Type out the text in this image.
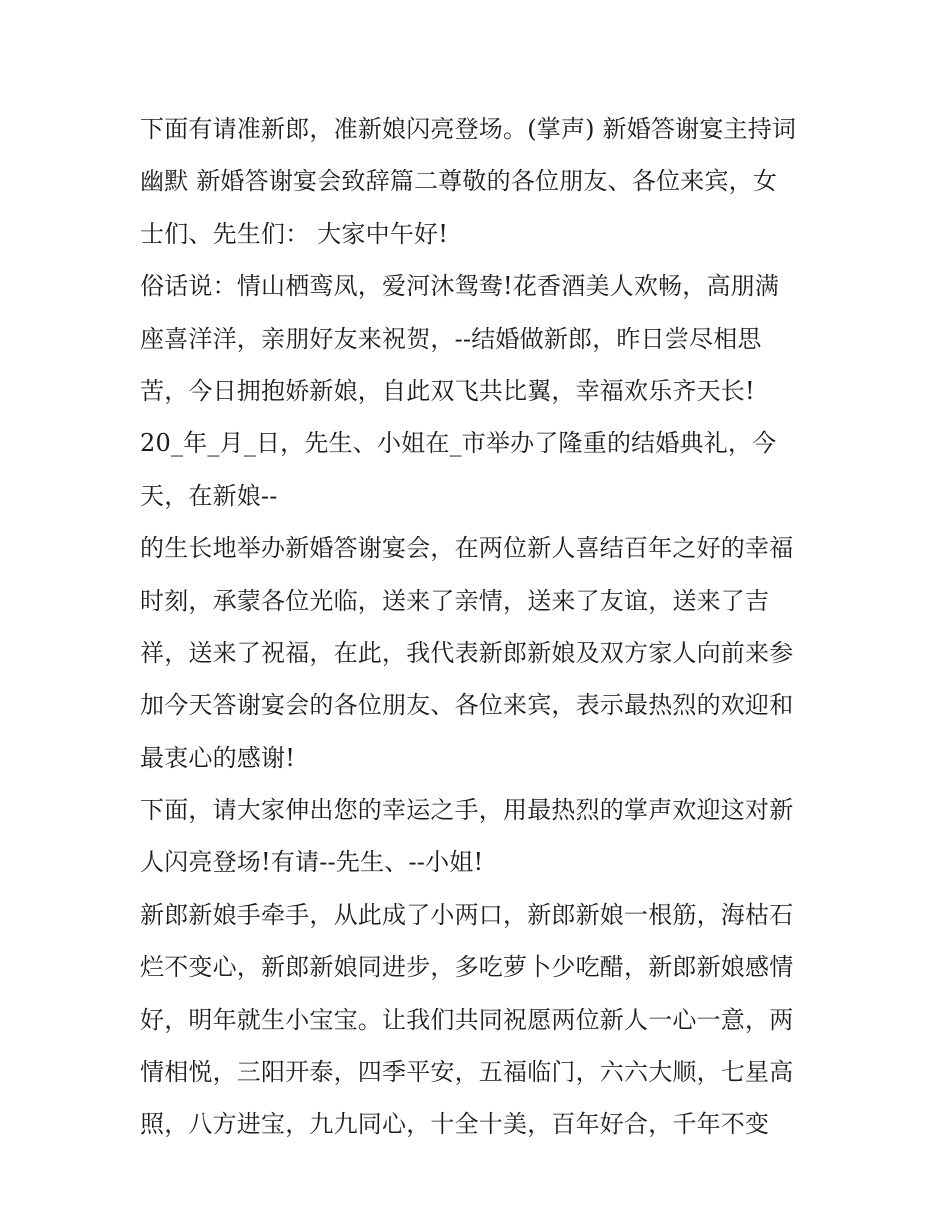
下面有请准新郎，准新娘闪亮登场。(掌声) 新婚答谢宴主持词
幽默 新婚答谢宴会致辞篇二尊敬的各位朋友、各位来宾，女
士们、先生们： 大家中午好!
俗话说：情山栖鸾凤，爱河沐鸳鸯!花香酒美人欢畅，高朋满
座喜洋洋，亲朋好友来祝贺，--结婚做新郎，昨日尝尽相思
苦，今日拥抱娇新娘，自此双飞共比翼，幸福欢乐齐天长!
20_年_月_日，先生、小姐在_市举办了隆重的结婚典礼，今
天，在新娘--
的生长地举办新婚答谢宴会，在两位新人喜结百年之好的幸福
时刻，承蒙各位光临，送来了亲情，送来了友谊，送来了吉
祥，送来了祝福，在此，我代表新郎新娘及双方家人向前来参
加今天答谢宴会的各位朋友、各位来宾，表示最热烈的欢迎和
最衷心的感谢!
下面，请大家伸出您的幸运之手，用最热烈的掌声欢迎这对新
人闪亮登场!有请--先生、--小姐!
新郎新娘手牵手，从此成了小两口，新郎新娘一根筋，海枯石
烂不变心，新郎新娘同进步，多吃萝卜少吃醋，新郎新娘感情
好，明年就生小宝宝。让我们共同祝愿两位新人一心一意，两
情相悦，三阳开泰，四季平安，五福临门，六六大顺，七星高
照，八方进宝，九九同心，十全十美，百年好合，千年不变
